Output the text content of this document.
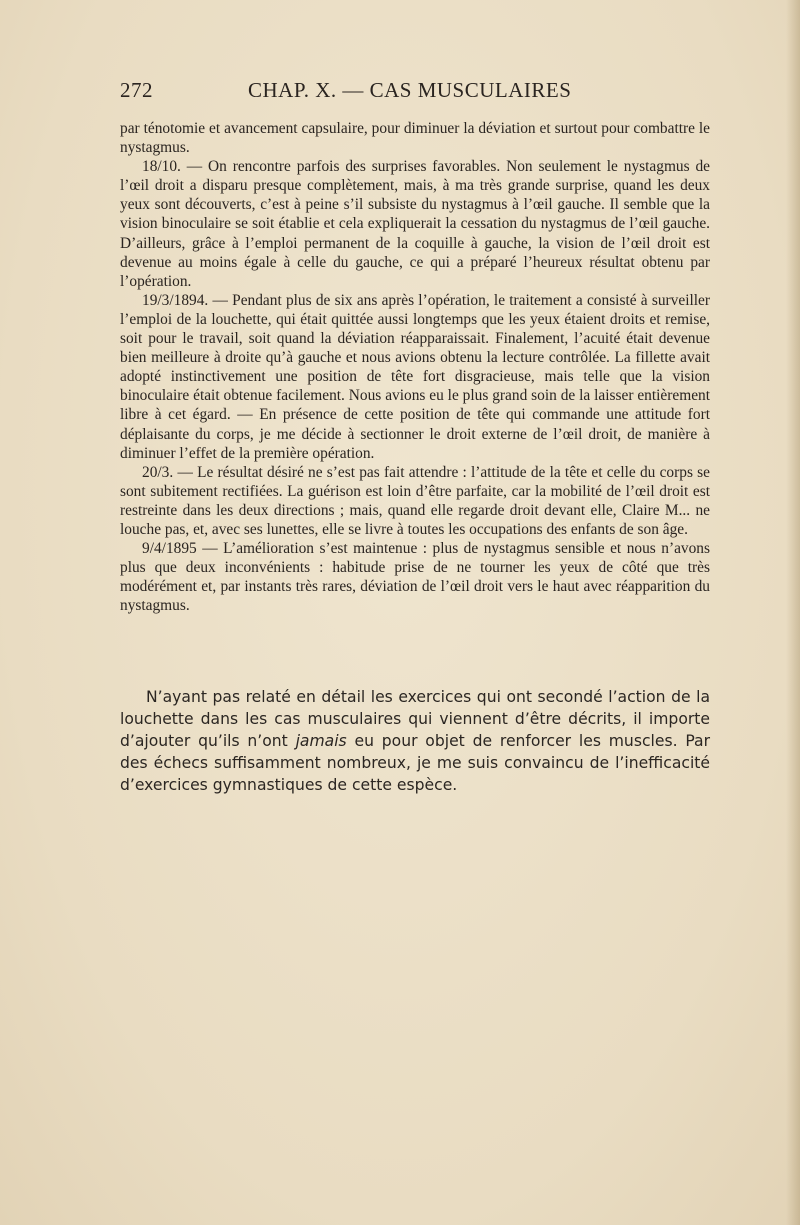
272	CHAP. X. — CAS MUSCULAIRES

par ténotomie et avancement capsulaire, pour diminuer la déviation et surtout pour combattre le nystagmus.

18/10. — On rencontre parfois des surprises favorables. Non seulement le nystagmus de l’œil droit a disparu presque complètement, mais, à ma très grande surprise, quand les deux yeux sont découverts, c’est à peine s’il subsiste du nystagmus à l’œil gauche. Il semble que la vision binoculaire se soit établie et cela expliquerait la cessation du nystagmus de l’œil gauche. D’ailleurs, grâce à l’emploi permanent de la coquille à gauche, la vision de l’œil droit est devenue au moins égale à celle du gauche, ce qui a préparé l’heureux résultat obtenu par l’opération.

19/3/1894. — Pendant plus de six ans après l’opération, le traitement a consisté à surveiller l’emploi de la louchette, qui était quittée aussi longtemps que les yeux étaient droits et remise, soit pour le travail, soit quand la déviation réapparaissait. Finalement, l’acuité était devenue bien meilleure à droite qu’à gauche et nous avions obtenu la lecture contrôlée. La fillette avait adopté instinctivement une position de tête fort disgracieuse, mais telle que la vision binoculaire était obtenue facilement. Nous avions eu le plus grand soin de la laisser entièrement libre à cet égard. — En présence de cette position de tête qui commande une attitude fort déplaisante du corps, je me décide à sectionner le droit externe de l’œil droit, de manière à diminuer l’effet de la première opération.

20/3. — Le résultat désiré ne s’est pas fait attendre : l’attitude de la tête et celle du corps se sont subitement rectifiées. La guérison est loin d’être parfaite, car la mobilité de l’œil droit est restreinte dans les deux directions ; mais, quand elle regarde droit devant elle, Claire M... ne louche pas, et, avec ses lunettes, elle se livre à toutes les occupations des enfants de son âge.

9/4/1895 — L’amélioration s’est maintenue : plus de nystagmus sensible et nous n’avons plus que deux inconvénients : habitude prise de ne tourner les yeux de côté que très modérément et, par instants très rares, déviation de l’œil droit vers le haut avec réapparition du nystagmus.

N’ayant pas relaté en détail les exercices qui ont secondé l’action de la louchette dans les cas musculaires qui viennent d’être décrits, il importe d’ajouter qu’ils n’ont jamais eu pour objet de renforcer les muscles. Par des échecs suffisamment nombreux, je me suis convaincu de l’inefficacité d’exercices gymnastiques de cette espèce.
